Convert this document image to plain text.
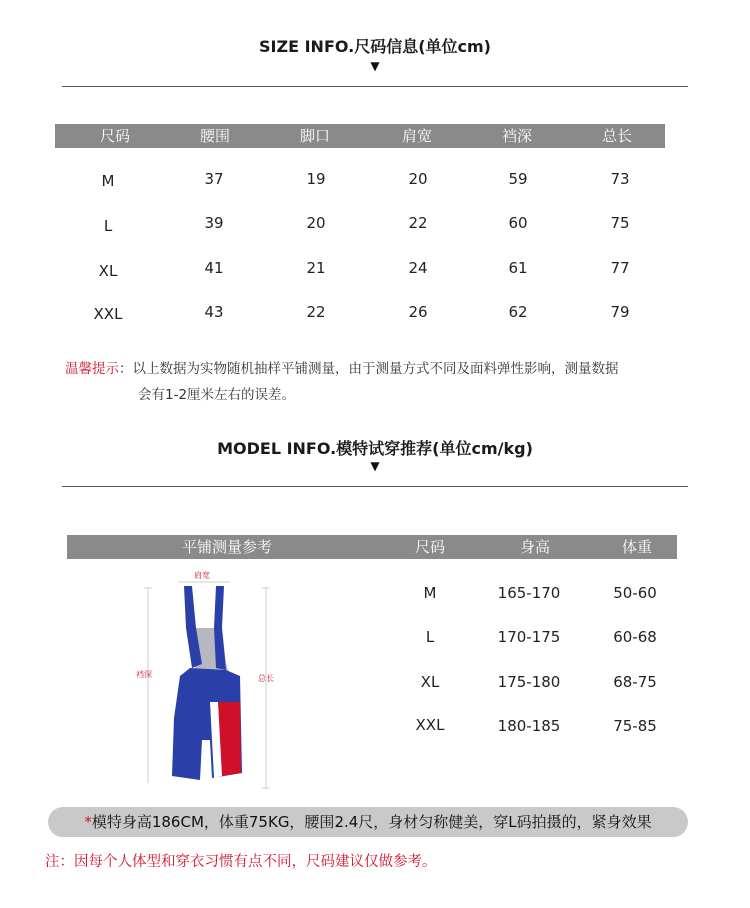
SIZE INFO.尺码信息(单位cm)
▼
尺码	腰围	脚口	肩宽	裆深	总长
M	37	19	20	59	73
L	39	20	22	60	75
XL	41	21	24	61	77
XXL	43	22	26	62	79
温馨提示：以上数据为实物随机抽样平铺测量，由于测量方式不同及面料弹性影响，测量数据
会有1-2厘米左右的误差。
MODEL INFO.模特试穿推荐(单位cm/kg)
▼
平铺测量参考	尺码	身高	体重
肩宽
裆深	总长
M	165-170	50-60
L	170-175	60-68
XL	175-180	68-75
XXL	180-185	75-85
*模特身高186CM，体重75KG，腰围2.4尺，身材匀称健美，穿L码拍摄的，紧身效果
注：因每个人体型和穿衣习惯有点不同，尺码建议仅做参考。
